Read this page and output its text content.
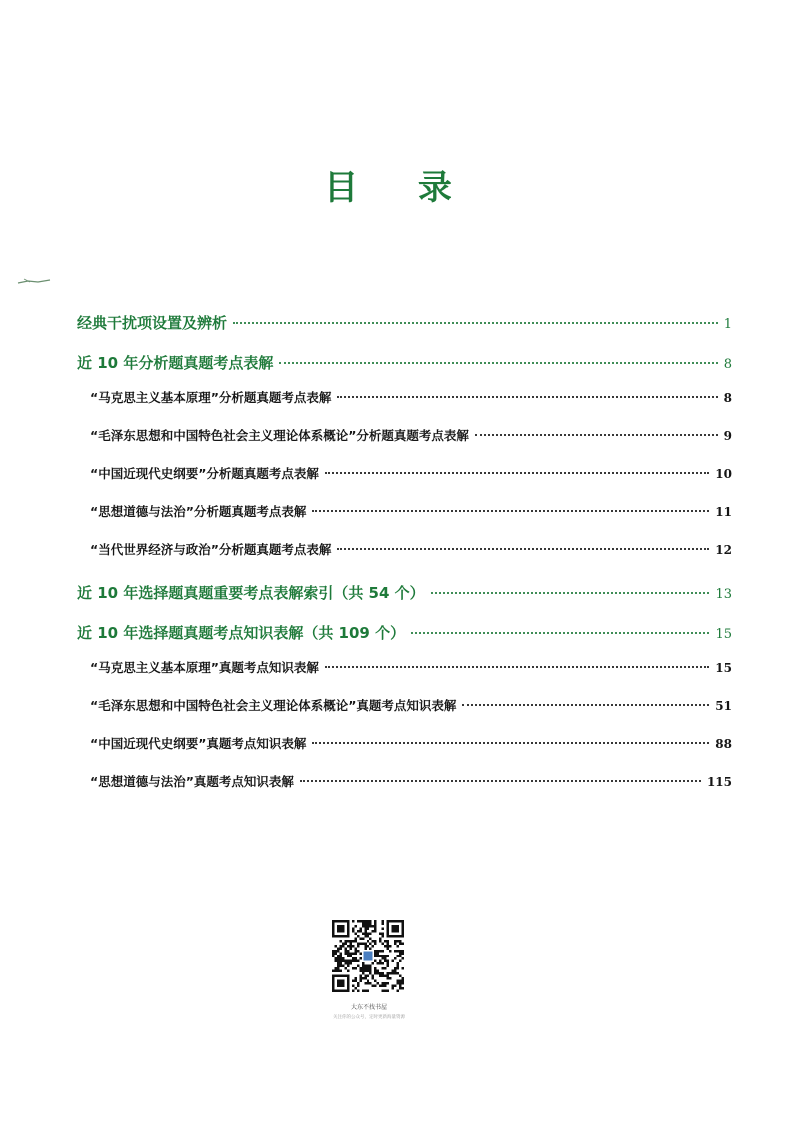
目 录
经典干扰项设置及辨析	1
近 10 年分析题真题考点表解	8
“马克思主义基本原理”分析题真题考点表解	8
“毛泽东思想和中国特色社会主义理论体系概论”分析题真题考点表解	9
“中国近现代史纲要”分析题真题考点表解	10
“思想道德与法治”分析题真题考点表解	11
“当代世界经济与政治”分析题真题考点表解	12
近 10 年选择题真题重要考点表解索引（共 54 个）	13
近 10 年选择题真题考点知识表解（共 109 个）	15
“马克思主义基本原理”真题考点知识表解	15
“毛泽东思想和中国特色社会主义理论体系概论”真题考点知识表解	51
“中国近现代史纲要”真题考点知识表解	88
“思想道德与法治”真题考点知识表解	115
大东不找书屋
关注你的公众号，定时更新海量资源
